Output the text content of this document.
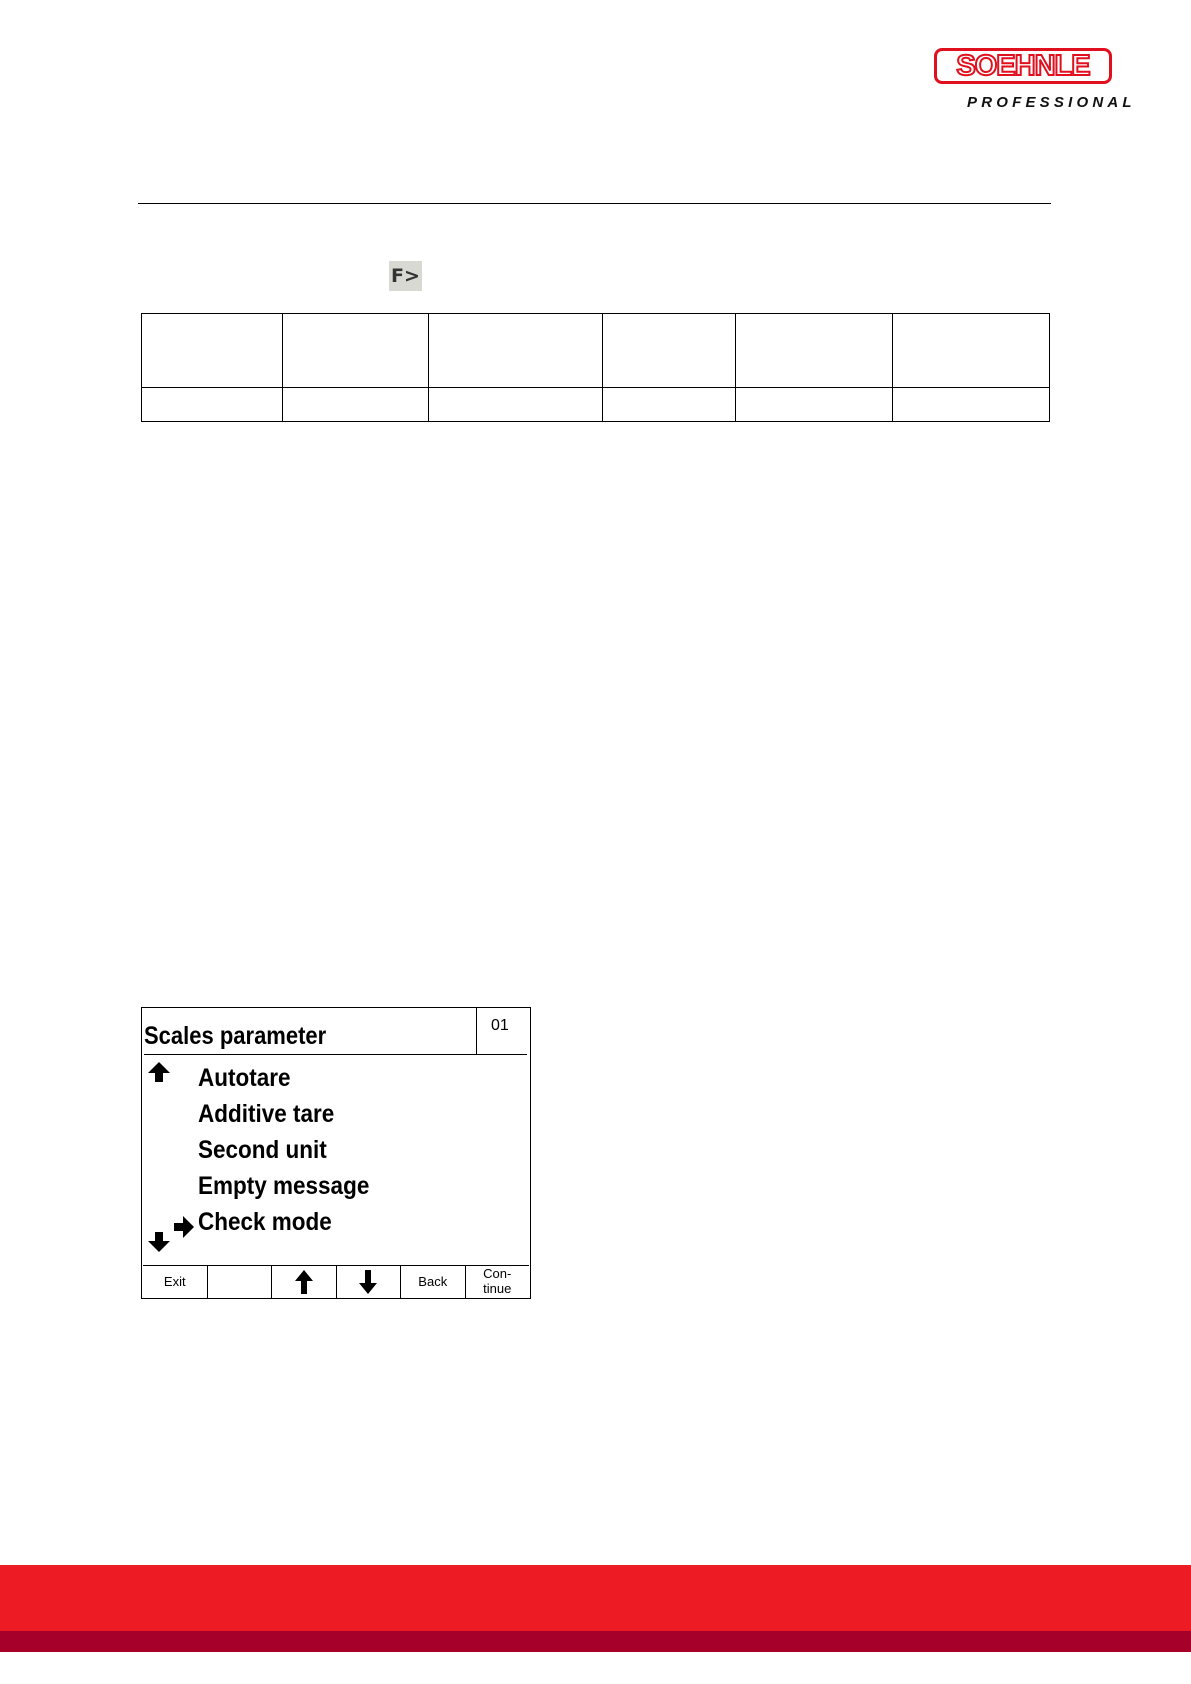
SOEHNLE
PROFESSIONAL
F>

Scales parameter	01
Autotare
Additive tare
Second unit
Empty message
Check mode
Exit	Back	Con-
tinue
